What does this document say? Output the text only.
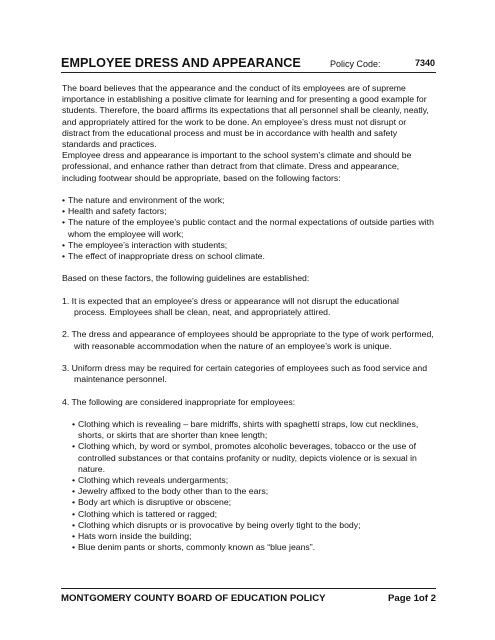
EMPLOYEE DRESS AND APPEARANCE	Policy Code:	7340

The board believes that the appearance and the conduct of its employees are of supreme importance in establishing a positive climate for learning and for presenting a good example for students. Therefore, the board affirms its expectations that all personnel shall be cleanly, neatly, and appropriately attired for the work to be done. An employee’s dress must not disrupt or distract from the educational process and must be in accordance with health and safety standards and practices.

Employee dress and appearance is important to the school system’s climate and should be professional, and enhance rather than detract from that climate. Dress and appearance, including footwear should be appropriate, based on the following factors:

• The nature and environment of the work;
• Health and safety factors;
• The nature of the employee’s public contact and the normal expectations of outside parties with whom the employee will work;
• The employee’s interaction with students;
• The effect of inappropriate dress on school climate.

Based on these factors, the following guidelines are established:

1. It is expected that an employee’s dress or appearance will not disrupt the educational process. Employees shall be clean, neat, and appropriately attired.

2. The dress and appearance of employees should be appropriate to the type of work performed, with reasonable accommodation when the nature of an employee’s work is unique.

3. Uniform dress may be required for certain categories of employees such as food service and maintenance personnel.

4. The following are considered inappropriate for employees:

• Clothing which is revealing – bare midriffs, shirts with spaghetti straps, low cut necklines, shorts, or skirts that are shorter than knee length;
• Clothing which, by word or symbol, promotes alcoholic beverages, tobacco or the use of controlled substances or that contains profanity or nudity, depicts violence or is sexual in nature.
• Clothing which reveals undergarments;
• Jewelry affixed to the body other than to the ears;
• Body art which is disruptive or obscene;
• Clothing which is tattered or ragged;
• Clothing which disrupts or is provocative by being overly tight to the body;
• Hats worn inside the building;
• Blue denim pants or shorts, commonly known as “blue jeans”.
MONTGOMERY COUNTY BOARD OF EDUCATION POLICY	Page 1of 2
